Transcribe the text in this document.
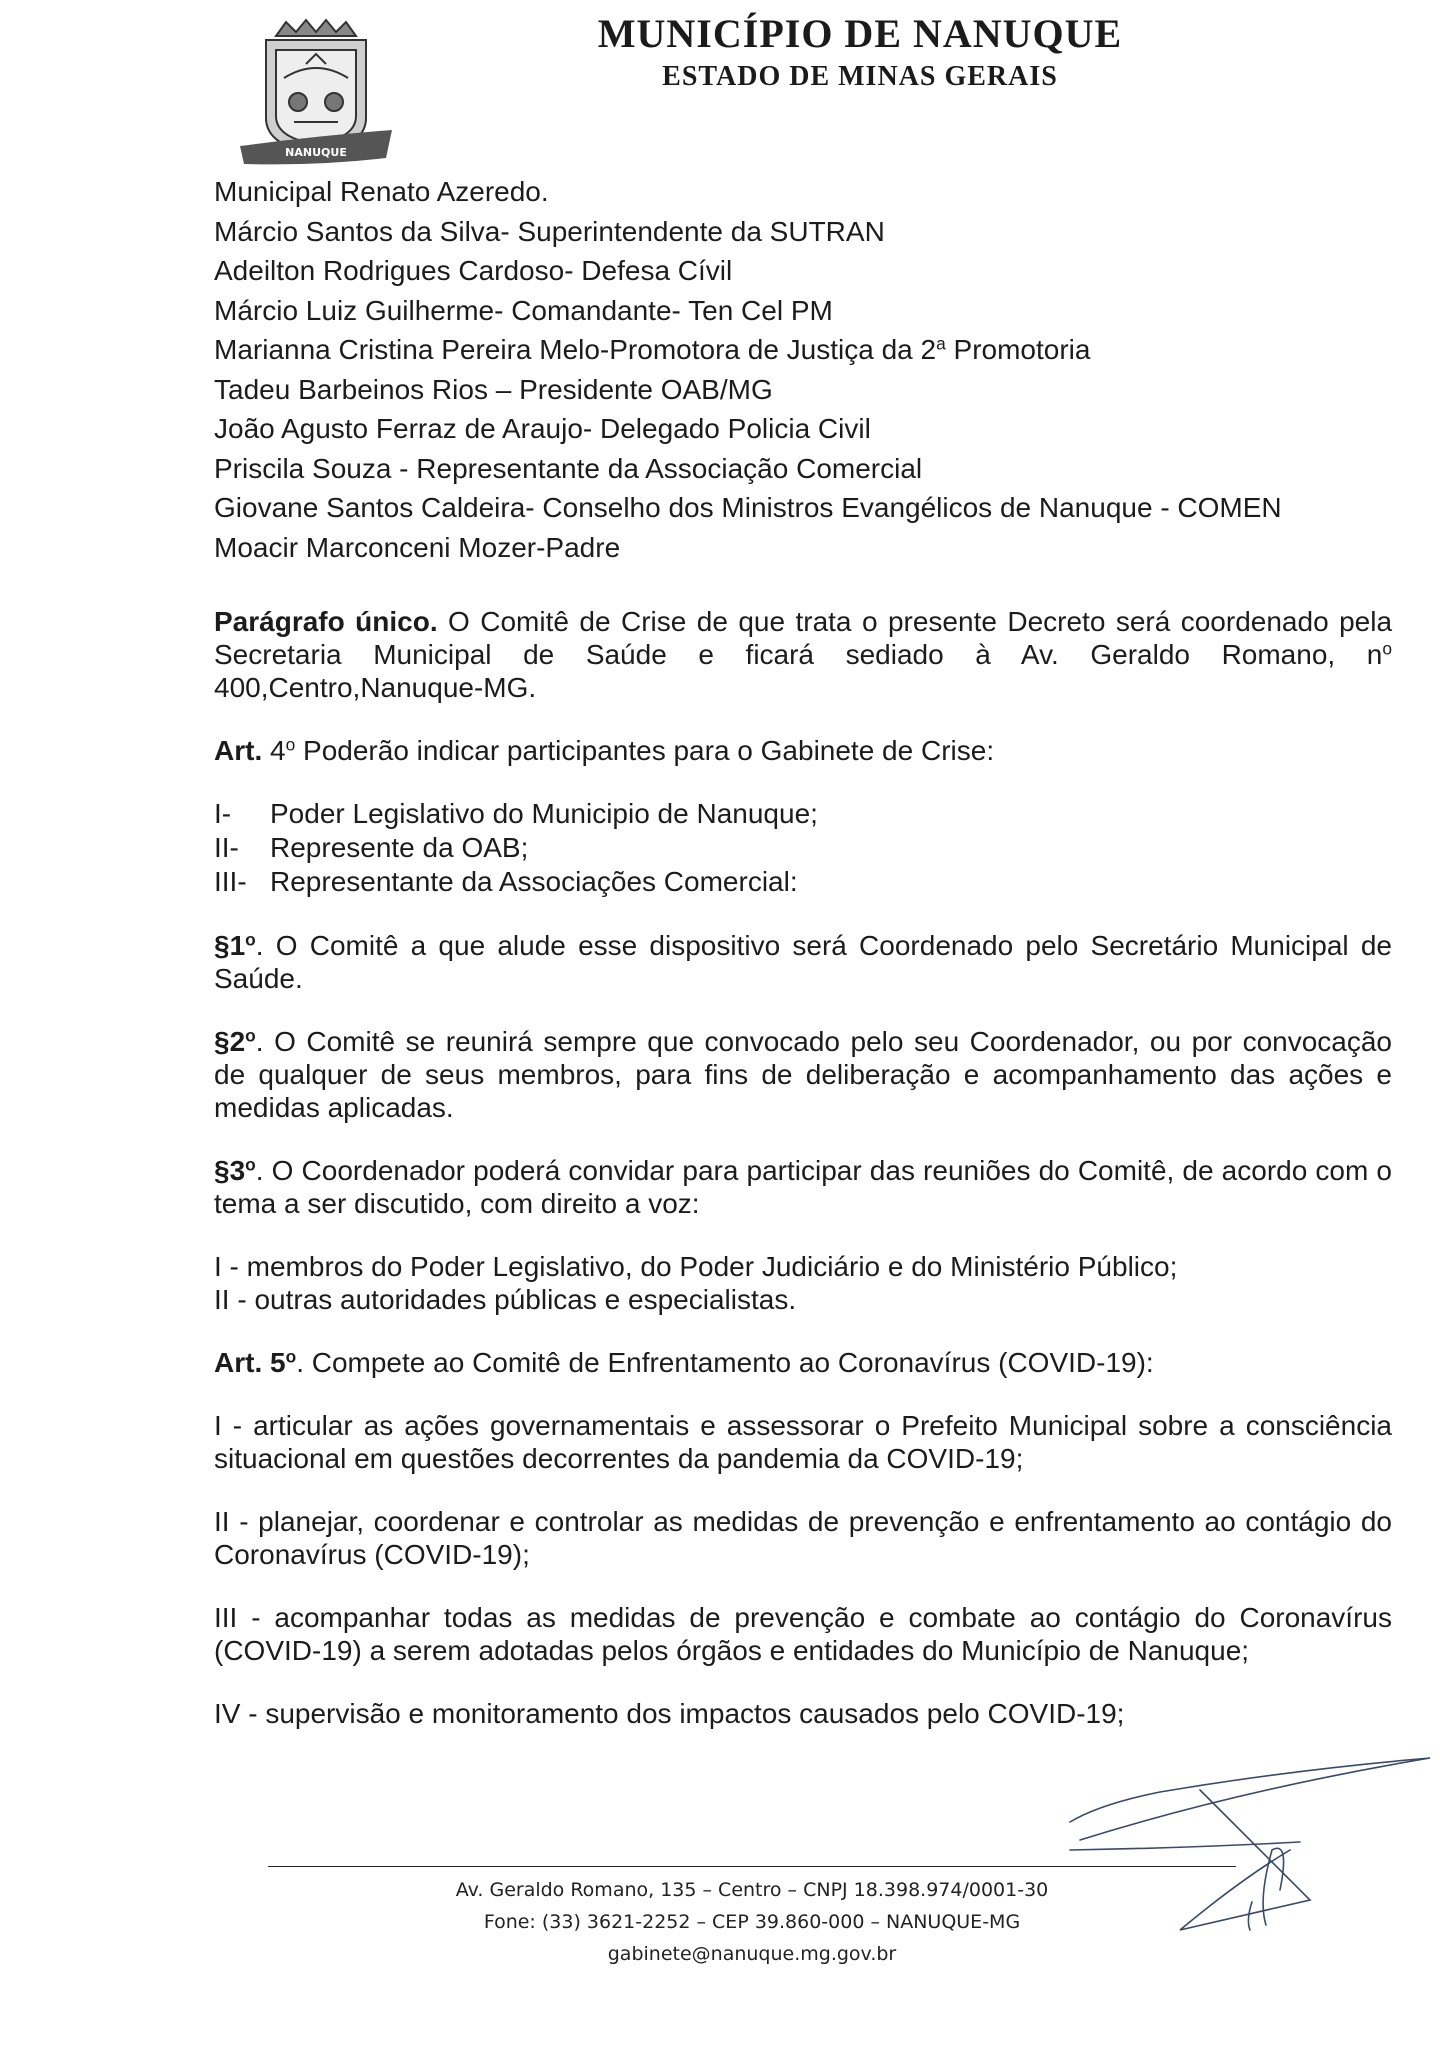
NANUQUE
MUNICÍPIO DE NANUQUE
ESTADO DE MINAS GERAIS
Municipal Renato Azeredo.
Márcio Santos da Silva- Superintendente da SUTRAN
Adeilton Rodrigues Cardoso- Defesa Cívil
Márcio Luiz Guilherme- Comandante- Ten Cel PM
Marianna Cristina Pereira Melo-Promotora de Justiça da 2$^a$ Promotoria
Tadeu Barbeinos Rios – Presidente OAB/MG
João Agusto Ferraz de Araujo- Delegado Policia Civil
Priscila Souza - Representante da Associação Comercial
Giovane Santos Caldeira- Conselho dos Ministros Evangélicos de Nanuque - COMEN
Moacir Marconceni Mozer-Padre
Parágrafo único. O Comitê de Crise de que trata o presente Decreto será coordenado pela Secretaria Municipal de Saúde e ficará sediado à Av. Geraldo Romano, $n^o$ 400,Centro,Nanuque-MG.
Art. 4$^o$ Poderão indicar participantes para o Gabinete de Crise:
I-	Poder Legislativo do Municipio de Nanuque;
II-	Represente da OAB;
III- Representante da Associações Comercial:
§1$^o$. O Comitê a que alude esse dispositivo será Coordenado pelo Secretário Municipal de Saúde.
§2$^o$. O Comitê se reunirá sempre que convocado pelo seu Coordenador, ou por convocação de qualquer de seus membros, para fins de deliberação e acompanhamento das ações e medidas aplicadas.
§3$^o$. O Coordenador poderá convidar para participar das reuniões do Comitê, de acordo com o tema a ser discutido, com direito a voz:
I - membros do Poder Legislativo, do Poder Judiciário e do Ministério Público;
II - outras autoridades públicas e especialistas.
Art. 5$^o$. Compete ao Comitê de Enfrentamento ao Coronavírus (COVID-19):
I - articular as ações governamentais e assessorar o Prefeito Municipal sobre a consciência situacional em questões decorrentes da pandemia da COVID-19;
II - planejar, coordenar e controlar as medidas de prevenção e enfrentamento ao contágio do Coronavírus (COVID-19);
III - acompanhar todas as medidas de prevenção e combate ao contágio do Coronavírus (COVID-19) a serem adotadas pelos órgãos e entidades do Município de Nanuque;
IV - supervisão e monitoramento dos impactos causados pelo COVID-19;
Av. Geraldo Romano, 135 – Centro – CNPJ 18.398.974/0001-30
Fone: (33) 3621-2252 – CEP 39.860-000 – NANUQUE-MG
gabinete@nanuque.mg.gov.br
